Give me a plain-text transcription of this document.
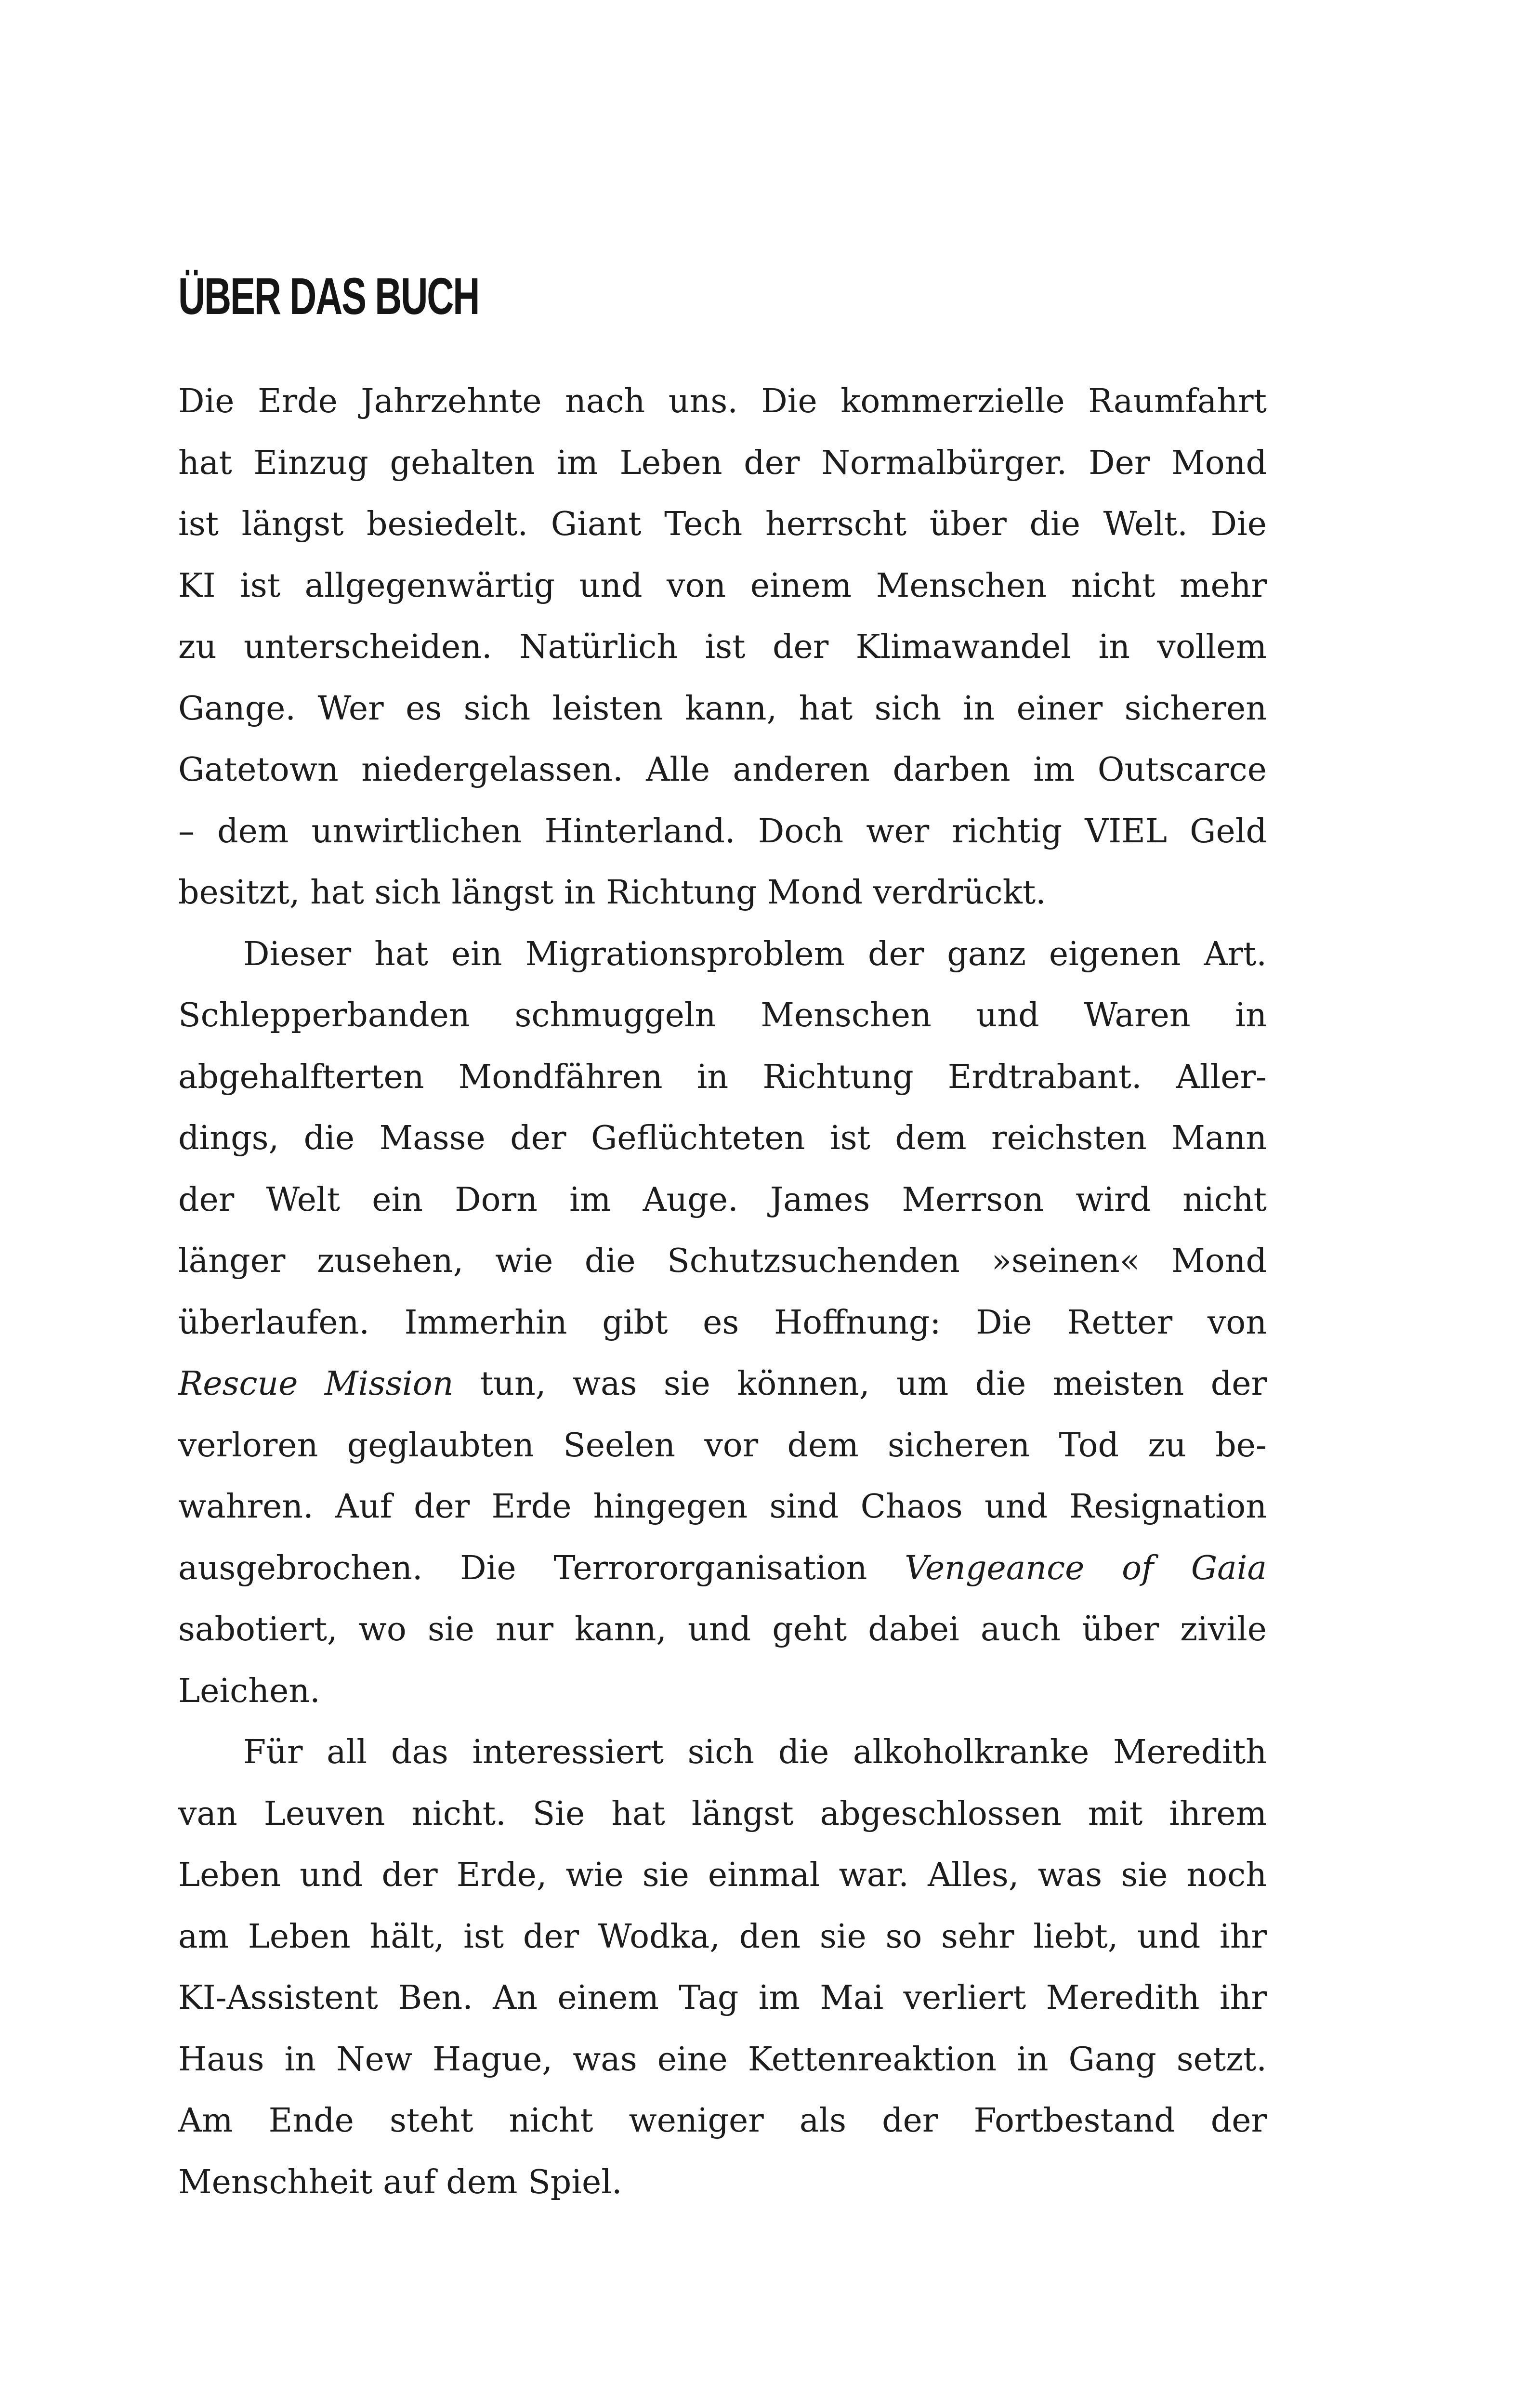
ÜBER DAS BUCH
Die Erde Jahrzehnte nach uns. Die kommerzielle Raumfahrt
hat Einzug gehalten im Leben der Normalbürger. Der Mond
ist längst besiedelt. Giant Tech herrscht über die Welt. Die
KI ist allgegenwärtig und von einem Menschen nicht mehr
zu unterscheiden. Natürlich ist der Klimawandel in vollem
Gange. Wer es sich leisten kann, hat sich in einer sicheren
Gatetown niedergelassen. Alle anderen darben im Outscarce
– dem unwirtlichen Hinterland. Doch wer richtig VIEL Geld
besitzt, hat sich längst in Richtung Mond verdrückt.
Dieser hat ein Migrationsproblem der ganz eigenen Art.
Schlepperbanden schmuggeln Menschen und Waren in
abgehalfterten Mondfähren in Richtung Erdtrabant. Aller-
dings, die Masse der Geflüchteten ist dem reichsten Mann
der Welt ein Dorn im Auge. James Merrson wird nicht
länger zusehen, wie die Schutzsuchenden »seinen« Mond
überlaufen. Immerhin gibt es Hoffnung: Die Retter von
Rescue Mission tun, was sie können, um die meisten der
verloren geglaubten Seelen vor dem sicheren Tod zu be-
wahren. Auf der Erde hingegen sind Chaos und Resignation
ausgebrochen. Die Terrororganisation Vengeance of Gaia
sabotiert, wo sie nur kann, und geht dabei auch über zivile
Leichen.
Für all das interessiert sich die alkoholkranke Meredith
van Leuven nicht. Sie hat längst abgeschlossen mit ihrem
Leben und der Erde, wie sie einmal war. Alles, was sie noch
am Leben hält, ist der Wodka, den sie so sehr liebt, und ihr
KI-Assistent Ben. An einem Tag im Mai verliert Meredith ihr
Haus in New Hague, was eine Kettenreaktion in Gang setzt.
Am Ende steht nicht weniger als der Fortbestand der
Menschheit auf dem Spiel.
